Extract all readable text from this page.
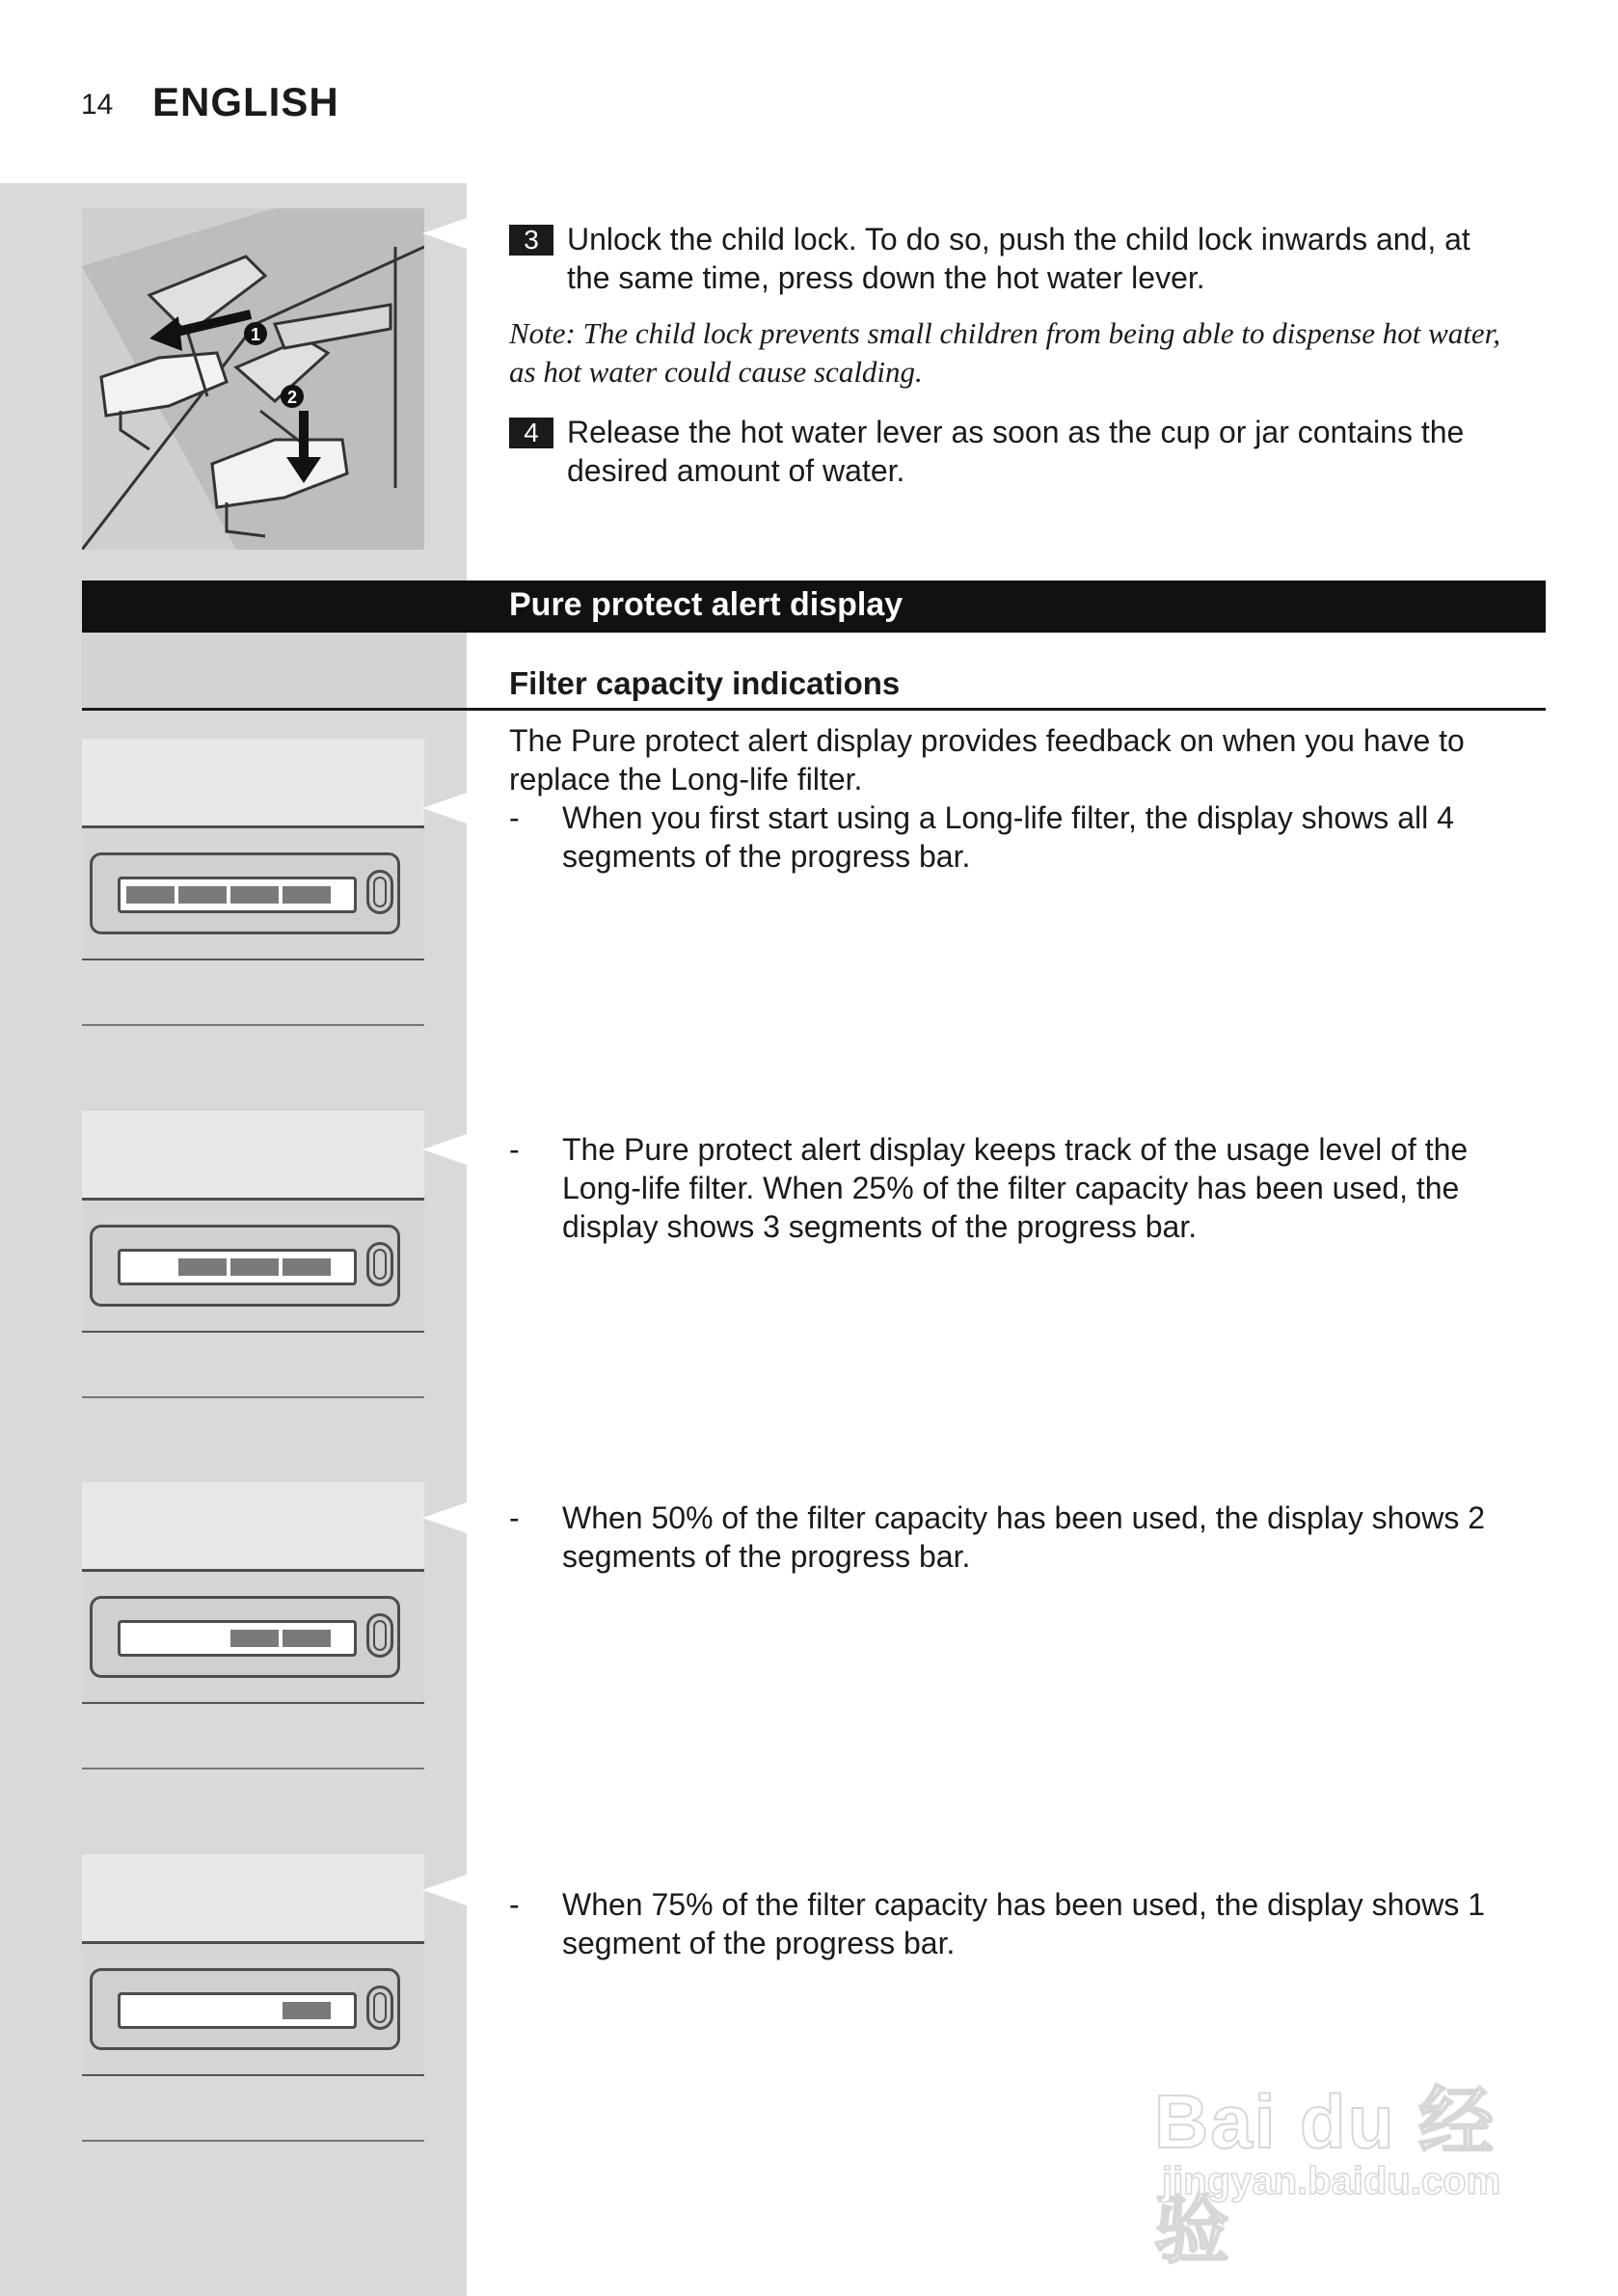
14 ENGLISH
1
2
3 Unlock the child lock. To do so, push the child lock inwards and, at the same time, press down the hot water lever.
Note: The child lock prevents small children from being able to dispense hot water, as hot water could cause scalding.
4 Release the hot water lever as soon as the cup or jar contains the desired amount of water.
Pure protect alert display
Filter capacity indications
The Pure protect alert display provides feedback on when you have to replace the Long-life filter.
- When you first start using a Long-life filter, the display shows all 4 segments of the progress bar.
- The Pure protect alert display keeps track of the usage level of the Long-life filter. When 25% of the filter capacity has been used, the display shows 3 segments of the progress bar.
- When 50% of the filter capacity has been used, the display shows 2 segments of the progress bar.
- When 75% of the filter capacity has been used, the display shows 1 segment of the progress bar.
Bai du 经验
jingyan.baidu.com
